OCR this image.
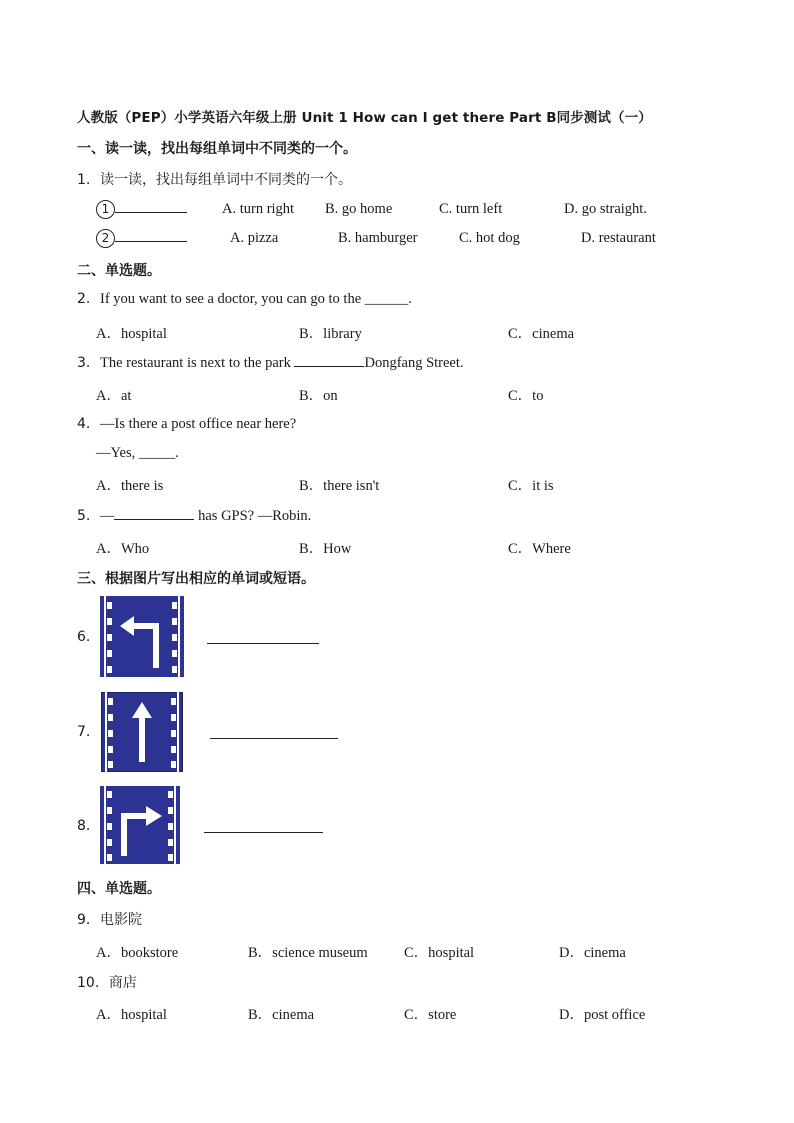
人教版（PEP）小学英语六年级上册 Unit 1 How can I get there Part B同步测试（一）
一、读一读，找出每组单词中不同类的一个。
1. 读一读，找出每组单词中不同类的一个。
1	A. turn right B. go home	C. turn left	D. go straight.
2	A. pizza	B. hamburger	C. hot dog	D. restaurant
二、单选题。
2. If you want to see a doctor, you can go to the ______.
A．hospital	B．library	C．cinema
3. The restaurant is next to the park	Dongfang Street.
A．at	B．on	C．to
4. —Is there a post office near here?
—Yes, _____.
A．there is	B．there isn't	C．it is
5. —	has GPS? —Robin.
A．Who	B．How	C．Where
三、根据图片写出相应的单词或短语。
6.
7.
8.
四、单选题。
9. 电影院
A．bookstore	B．science museum	C．hospital	D．cinema
10. 商店
A．hospital	B．cinema	C．store	D．post office
